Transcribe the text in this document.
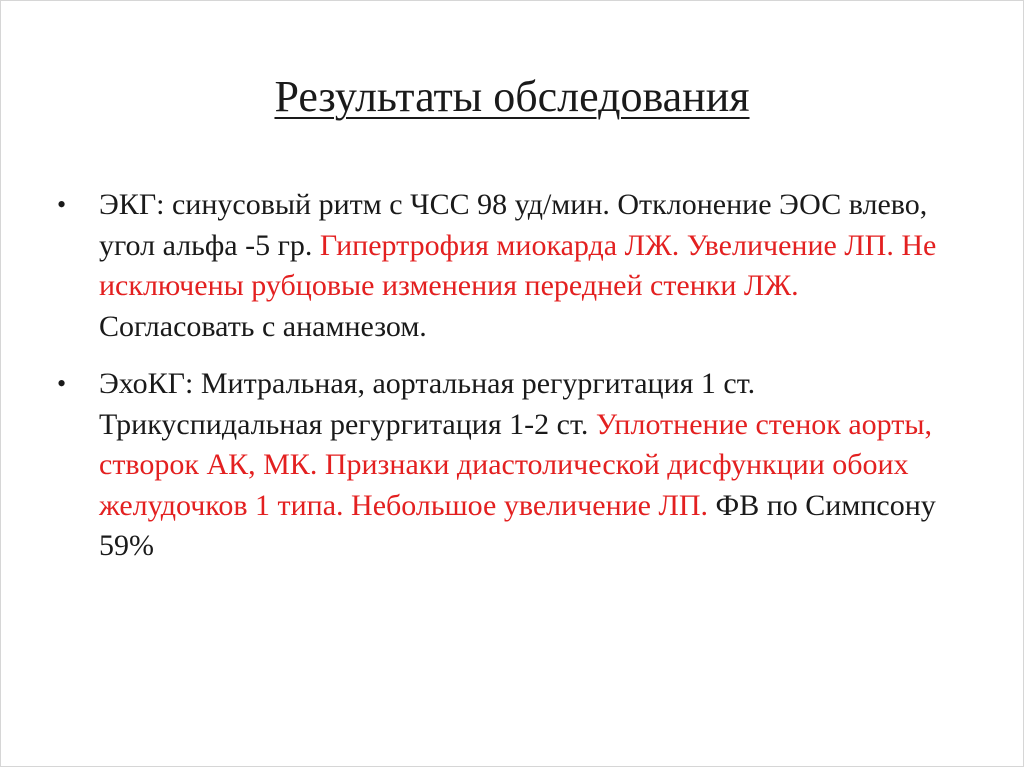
Результаты обследования
• ЭКГ: синусовый ритм с ЧСС 98 уд/мин. Отклонение ЭОС влево, угол альфа -5 гр. Гипертрофия миокарда ЛЖ. Увеличение ЛП. Не исключены рубцовые изменения передней стенки ЛЖ. Согласовать с анамнезом.
• ЭхоКГ: Митральная, аортальная регургитация 1 ст. Трикуспидальная регургитация 1-2 ст. Уплотнение стенок аорты, створок АК, МК. Признаки диастолической дисфункции обоих желудочков 1 типа. Небольшое увеличение ЛП. ФВ по Симпсону 59%
